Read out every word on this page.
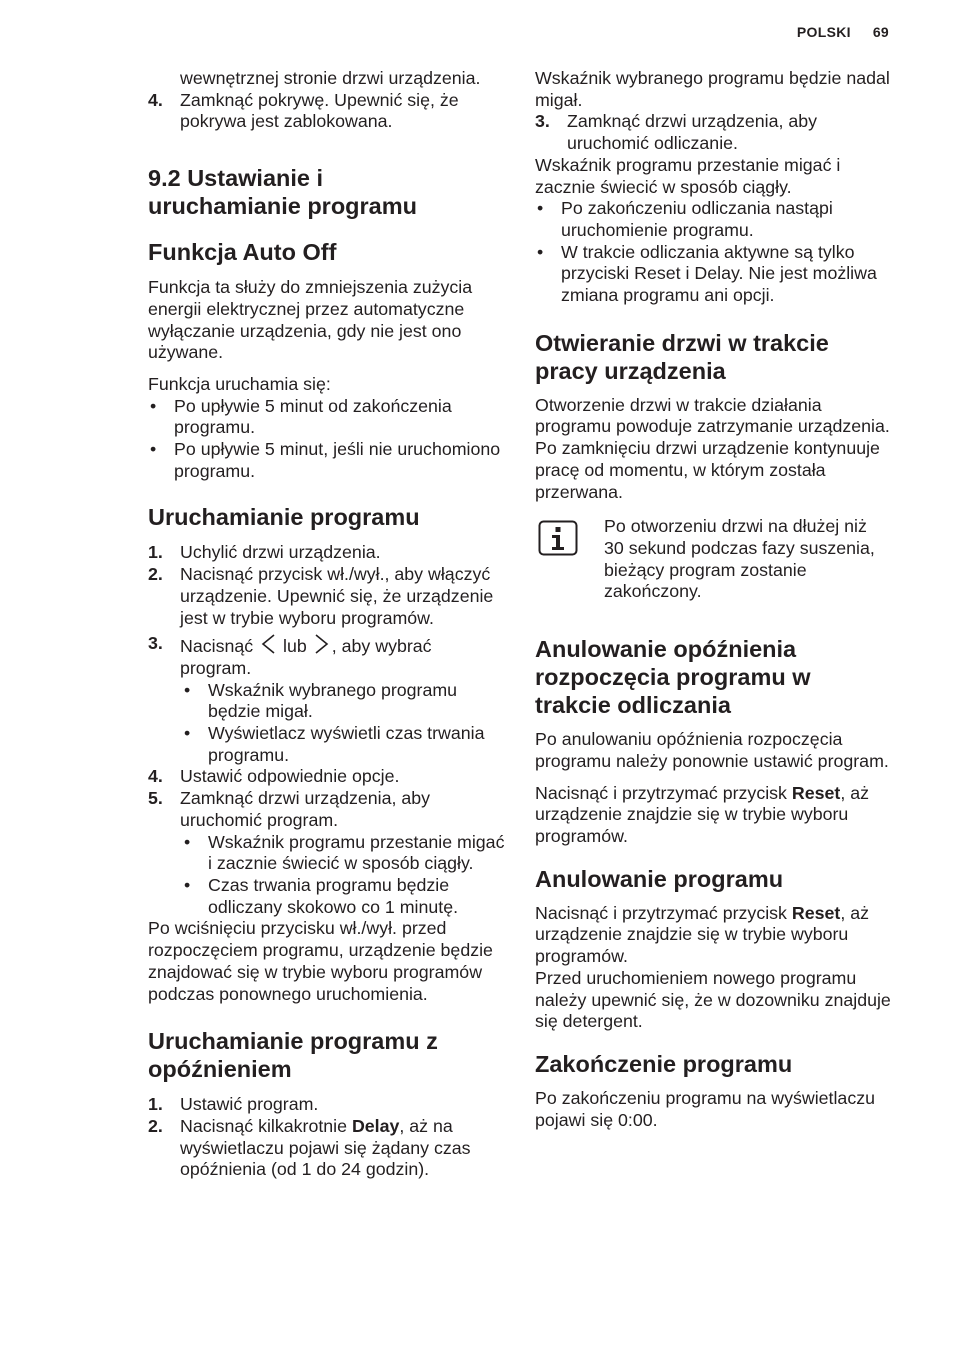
POLSKI 69
wewnętrznej stronie drzwi urządzenia.
4. Zamknąć pokrywę. Upewnić się, że pokrywa jest zablokowana.
9.2 Ustawianie i
uruchamianie programu
Funkcja Auto Off

Funkcja ta służy do zmniejszenia zużycia energii elektrycznej przez automatyczne wyłączanie urządzenia, gdy nie jest ono używane.

Funkcja uruchamia się:

• Po upływie 5 minut od zakończenia programu.
• Po upływie 5 minut, jeśli nie uruchomiono programu.
Uruchamianie programu
1. Uchylić drzwi urządzenia.
2. Nacisnąć przycisk wł./wył., aby włączyć urządzenie. Upewnić się, że urządzenie jest w trybie wyboru programów.
3. Nacisnąć lub , aby wybrać
program.
• Wskaźnik wybranego programu będzie migał.
• Wyświetlacz wyświetli czas trwania programu.
4. Ustawić odpowiednie opcje.
5. Zamknąć drzwi urządzenia, aby uruchomić program.
• Wskaźnik programu przestanie migać i zacznie świecić w sposób ciągły.
• Czas trwania programu będzie odliczany skokowo co 1 minutę.

Po wciśnięciu przycisku wł./wył. przed rozpoczęciem programu, urządzenie będzie znajdować się w trybie wyboru programów podczas ponownego uruchomienia.

Uruchamianie programu z
opóźnieniem
1. Ustawić program.
2. Nacisnąć kilkakrotnie Delay, aż na wyświetlaczu pojawi się żądany czas opóźnienia (od 1 do 24 godzin).

Wskaźnik wybranego programu będzie nadal migał.

3. Zamknąć drzwi urządzenia, aby uruchomić odliczanie.

Wskaźnik programu przestanie migać i zacznie świecić w sposób ciągły.

• Po zakończeniu odliczania nastąpi uruchomienie programu.
• W trakcie odliczania aktywne są tylko przyciski Reset i Delay. Nie jest możliwa zmiana programu ani opcji.
Otwieranie drzwi w trakcie
pracy urządzenia

Otworzenie drzwi w trakcie działania programu powoduje zatrzymanie urządzenia. Po zamknięciu drzwi urządzenie kontynuuje pracę od momentu, w którym została przerwana.

Po otworzeniu drzwi na dłużej niż 30 sekund podczas fazy suszenia, bieżący program zostanie zakończony.
Anulowanie opóźnienia
rozpoczęcia programu w
trakcie odliczania

Po anulowaniu opóźnienia rozpoczęcia programu należy ponownie ustawić program.

Nacisnąć i przytrzymać przycisk Reset, aż urządzenie znajdzie się w trybie wyboru programów.

Anulowanie programu

Nacisnąć i przytrzymać przycisk Reset, aż urządzenie znajdzie się w trybie wyboru programów.

Przed uruchomieniem nowego programu należy upewnić się, że w dozowniku znajduje się detergent.

Zakończenie programu

Po zakończeniu programu na wyświetlaczu pojawi się 0:00.
